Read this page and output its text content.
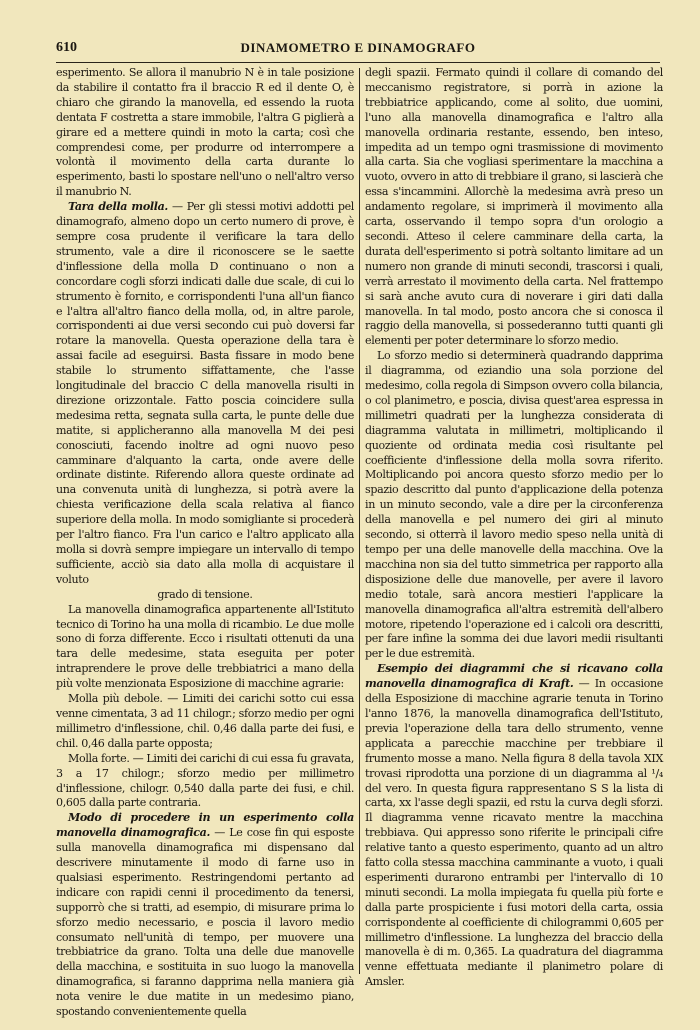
610	DINAMOMETRO E DINAMOGRAFO

esperimento. Se allora il manubrio N è in tale posizione da stabilire il contatto fra il braccio R ed il dente O, è chiaro che girando la manovella, ed essendo la ruota dentata F costretta a stare immobile, l'altra G piglierà a girare ed a mettere quindi in moto la carta; così che comprendesi come, per produrre od interrompere a volontà il movimento della carta durante lo esperimento, basti lo spostare nell'uno o nell'altro verso il manubrio N.

Tara della molla. — Per gli stessi motivi addotti pel dinamografo, almeno dopo un certo numero di prove, è sempre cosa prudente il verificare la tara dello strumento, vale a dire il riconoscere se le saette d'inflessione della molla D continuano o non a concordare cogli sforzi indicati dalle due scale, di cui lo strumento è fornito, e corrispondenti l'una all'un fianco e l'altra all'altro fianco della molla, od, in altre parole, corrispondenti ai due versi secondo cui può doversi far rotare la manovella. Questa operazione della tara è assai facile ad eseguirsi. Basta fissare in modo bene stabile lo strumento siffattamente, che l'asse longitudinale del braccio C della manovella risulti in direzione orizzontale. Fatto poscia coincidere sulla medesima retta, segnata sulla carta, le punte delle due matite, si applicheranno alla manovella M dei pesi conosciuti, facendo inoltre ad ogni nuovo peso camminare d'alquanto la carta, onde avere delle ordinate distinte. Riferendo allora queste ordinate ad una convenuta unità di lunghezza, si potrà avere la chiesta verificazione della scala relativa al fianco superiore della molla. In modo somigliante si procederà per l'altro fianco. Fra l'un carico e l'altro applicato alla molla si dovrà sempre impiegare un intervallo di tempo sufficiente, acciò sia dato alla molla di acquistare il voluto

grado di tensione.

La manovella dinamografica appartenente all'Istituto tecnico di Torino ha una molla di ricambio. Le due molle sono di forza differente. Ecco i risultati ottenuti da una tara delle medesime, stata eseguita per poter intraprendere le prove delle trebbiatrici a mano della più volte menzionata Esposizione di macchine agrarie:

Molla più debole. — Limiti dei carichi sotto cui essa venne cimentata, 3 ad 11 chilogr.; sforzo medio per ogni millimetro d'inflessione, chil. 0,46 dalla parte dei fusi, e chil. 0,46 dalla parte opposta;

Molla forte. — Limiti dei carichi di cui essa fu gravata, 3 a 17 chilogr.; sforzo medio per millimetro d'inflessione, chilogr. 0,540 dalla parte dei fusi, e chil. 0,605 dalla parte contraria.

Modo di procedere in un esperimento colla manovella dinamografica. — Le cose fin qui esposte sulla manovella dinamografica mi dispensano dal descrivere minutamente il modo di farne uso in qualsiasi esperimento. Restringendomi pertanto ad indicare con rapidi cenni il procedimento da tenersi, supporrò che si tratti, ad esempio, di misurare prima lo sforzo medio necessario, e poscia il lavoro medio consumato nell'unità di tempo, per muovere una trebbiatrice da grano. Tolta una delle due manovelle della macchina, e sostituita in suo luogo la manovella dinamografica, si faranno dapprima nella maniera già nota venire le due matite in un medesimo piano, spostando convenientemente quella

degli spazii. Fermato quindi il collare di comando del meccanismo registratore, si porrà in azione la trebbiatrice applicando, come al solito, due uomini, l'uno alla manovella dinamografica e l'altro alla manovella ordinaria restante, essendo, ben inteso, impedita ad un tempo ogni trasmissione di movimento alla carta. Sia che vogliasi sperimentare la macchina a vuoto, ovvero in atto di trebbiare il grano, si lascierà che essa s'incammini. Allorchè la medesima avrà preso un andamento regolare, si imprimerà il movimento alla carta, osservando il tempo sopra d'un orologio a secondi. Atteso il celere camminare della carta, la durata dell'esperimento si potrà soltanto limitare ad un numero non grande di minuti secondi, trascorsi i quali, verrà arrestato il movimento della carta. Nel frattempo si sarà anche avuto cura di noverare i giri dati dalla manovella. In tal modo, posto ancora che si conosca il raggio della manovella, si possederanno tutti quanti gli elementi per poter determinare lo sforzo medio.

Lo sforzo medio si determinerà quadrando dapprima il diagramma, od eziandio una sola porzione del medesimo, colla regola di Simpson ovvero colla bilancia, o col planimetro, e poscia, divisa quest'area espressa in millimetri quadrati per la lunghezza considerata di diagramma valutata in millimetri, moltiplicando il quoziente od ordinata media così risultante pel coefficiente d'inflessione della molla sovra riferito. Moltiplicando poi ancora questo sforzo medio per lo spazio descritto dal punto d'applicazione della potenza in un minuto secondo, vale a dire per la circonferenza della manovella e pel numero dei giri al minuto secondo, si otterrà il lavoro medio speso nella unità di tempo per una delle manovelle della macchina. Ove la macchina non sia del tutto simmetrica per rapporto alla disposizione delle due manovelle, per avere il lavoro medio totale, sarà ancora mestieri l'applicare la manovella dinamografica all'altra estremità dell'albero motore, ripetendo l'operazione ed i calcoli ora descritti, per fare infine la somma dei due lavori medii risultanti per le due estremità.

Esempio dei diagrammi che si ricavano colla manovella dinamografica di Kraft. — In occasione della Esposizione di macchine agrarie tenuta in Torino l'anno 1876, la manovella dinamografica dell'Istituto, previa l'operazione della tara dello strumento, venne applicata a parecchie macchine per trebbiare il frumento mosse a mano. Nella figura 8 della tavola XIX trovasi riprodotta una porzione di un diagramma al ¹/₄ del vero. In questa figura rappresentano S S la lista di carta, xx l'asse degli spazii, ed rstu la curva degli sforzi. Il diagramma venne ricavato mentre la macchina trebbiava. Qui appresso sono riferite le principali cifre relative tanto a questo esperimento, quanto ad un altro fatto colla stessa macchina camminante a vuoto, i quali esperimenti durarono entrambi per l'intervallo di 10 minuti secondi. La molla impiegata fu quella più forte e dalla parte prospiciente i fusi motori della carta, ossia corrispondente al coefficiente di chilogrammi 0,605 per millimetro d'inflessione. La lunghezza del braccio della manovella è di m. 0,365. La quadratura del diagramma venne effettuata mediante il planimetro polare di Amsler.
